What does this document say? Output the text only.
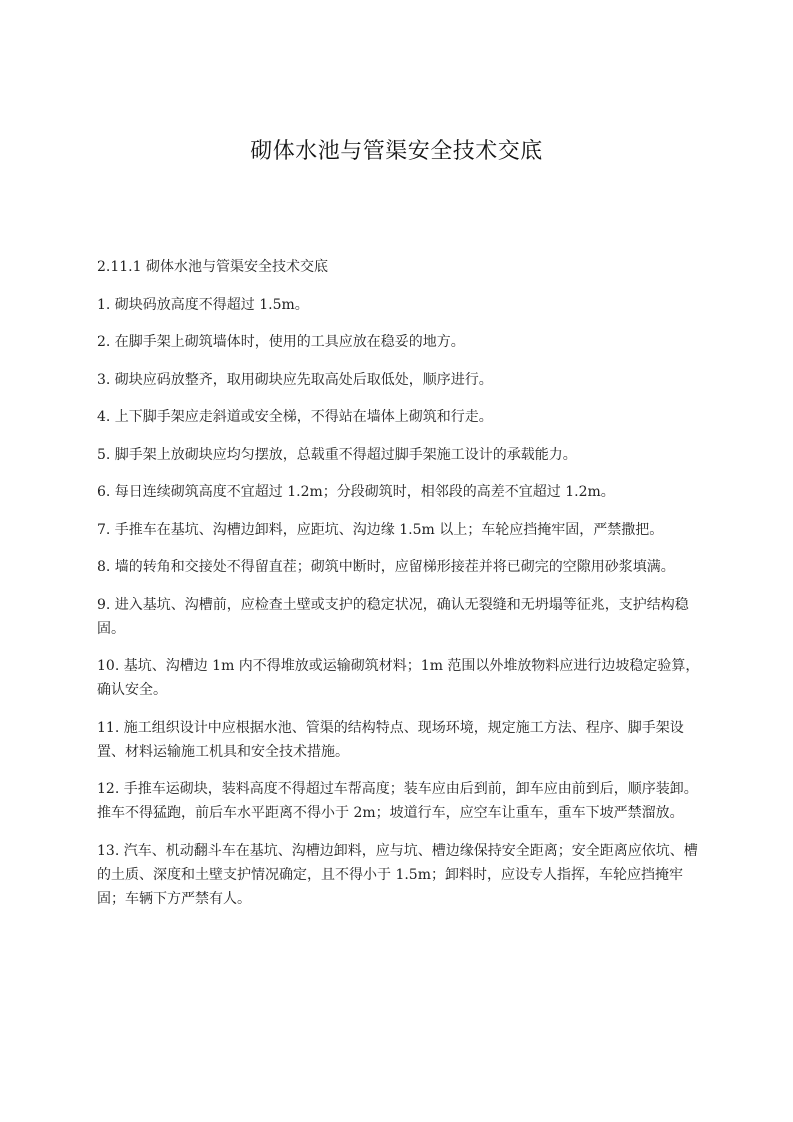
砌体水池与管渠安全技术交底

2.11.1 砌体水池与管渠安全技术交底

1. 砌块码放高度不得超过 1.5m。

2. 在脚手架上砌筑墙体时，使用的工具应放在稳妥的地方。

3. 砌块应码放整齐，取用砌块应先取高处后取低处，顺序进行。

4. 上下脚手架应走斜道或安全梯，不得站在墙体上砌筑和行走。

5. 脚手架上放砌块应均匀摆放，总载重不得超过脚手架施工设计的承载能力。

6. 每日连续砌筑高度不宜超过 1.2m；分段砌筑时，相邻段的高差不宜超过 1.2m。

7. 手推车在基坑、沟槽边卸料，应距坑、沟边缘 1.5m 以上；车轮应挡掩牢固，严禁撒把。

8. 墙的转角和交接处不得留直茬；砌筑中断时，应留梯形接茬并将已砌完的空隙用砂浆填满。

9. 进入基坑、沟槽前，应检查土壁或支护的稳定状况，确认无裂缝和无坍塌等征兆，支护结构稳固。

10. 基坑、沟槽边 1m 内不得堆放或运输砌筑材料；1m 范围以外堆放物料应进行边坡稳定验算，确认安全。

11. 施工组织设计中应根据水池、管渠的结构特点、现场环境，规定施工方法、程序、脚手架设置、材料运输施工机具和安全技术措施。

12. 手推车运砌块，装料高度不得超过车帮高度；装车应由后到前，卸车应由前到后，顺序装卸。推车不得猛跑，前后车水平距离不得小于 2m；坡道行车，应空车让重车，重车下坡严禁溜放。

13. 汽车、机动翻斗车在基坑、沟槽边卸料，应与坑、槽边缘保持安全距离；安全距离应依坑、槽的土质、深度和土壁支护情况确定，且不得小于 1.5m；卸料时，应设专人指挥，车轮应挡掩牢固；车辆下方严禁有人。
